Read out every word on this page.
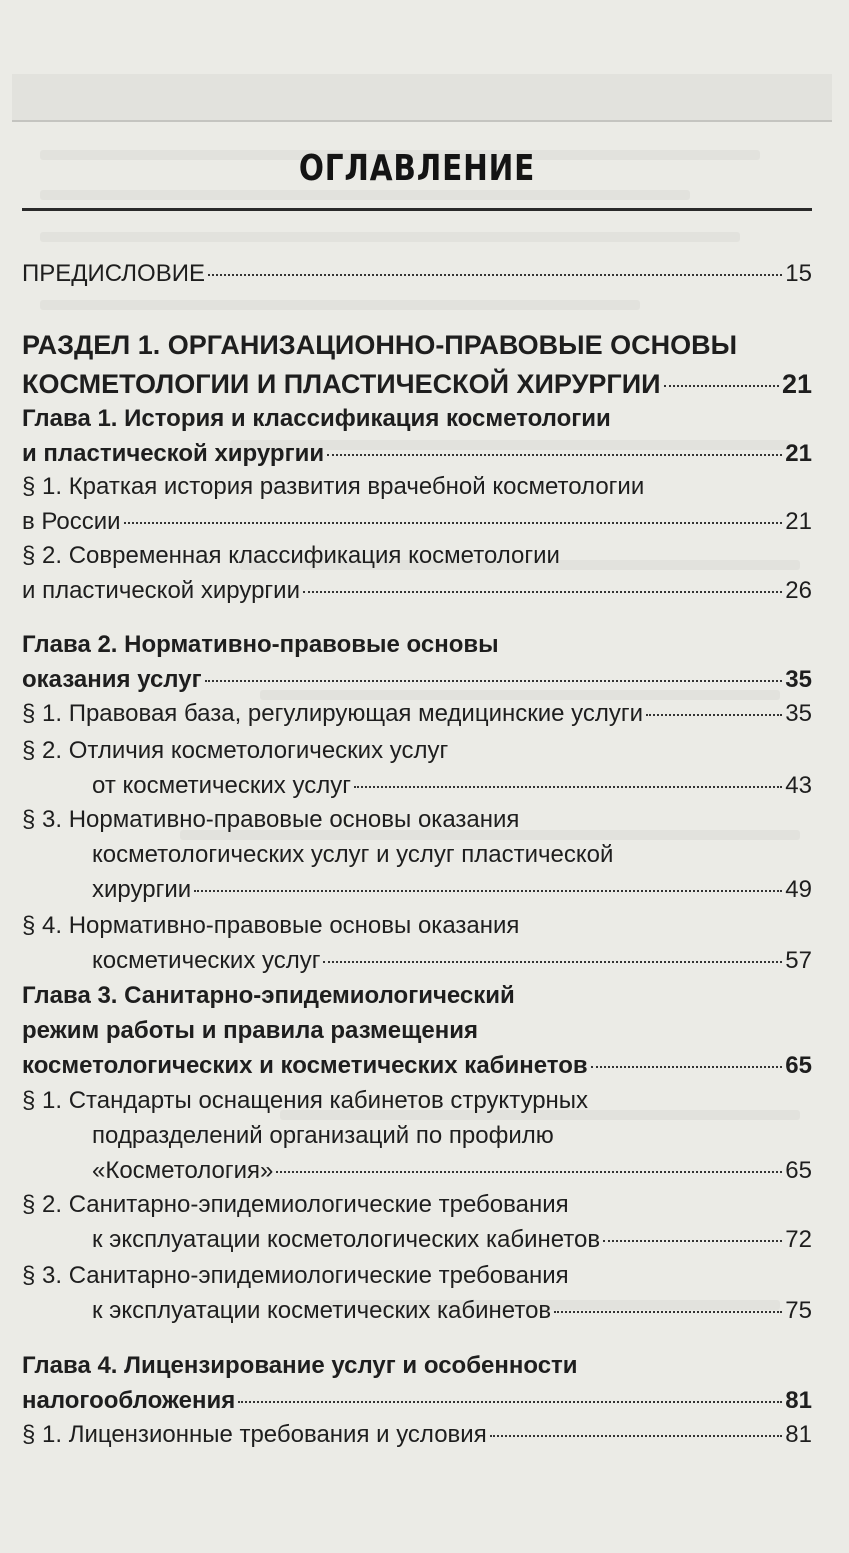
ОГЛАВЛЕНИЕ
ПРЕДИСЛОВИЕ	15
РАЗДЕЛ 1. ОРГАНИЗАЦИОННО-ПРАВОВЫЕ ОСНОВЫ
КОСМЕТОЛОГИИ И ПЛАСТИЧЕСКОЙ ХИРУРГИИ	21
Глава 1. История и классификация косметологии
и пластической хирургии	21
§ 1. Краткая история развития врачебной косметологии
в России	21
§ 2. Современная классификация косметологии
и пластической хирургии	26
Глава 2. Нормативно-правовые основы
оказания услуг	35
§ 1. Правовая база, регулирующая медицинские услуги	35
§ 2. Отличия косметологических услуг
от косметических услуг	43
§ 3. Нормативно-правовые основы оказания
косметологических услуг и услуг пластической
хирургии	49
§ 4. Нормативно-правовые основы оказания
косметических услуг	57
Глава 3. Санитарно-эпидемиологический
режим работы и правила размещения
косметологических и косметических кабинетов	65
§ 1. Стандарты оснащения кабинетов структурных
подразделений организаций по профилю
«Косметология»	65
§ 2. Санитарно-эпидемиологические требования
к эксплуатации косметологических кабинетов	72
§ 3. Санитарно-эпидемиологические требования
к эксплуатации косметических кабинетов	75
Глава 4. Лицензирование услуг и особенности
налогообложения	81
§ 1. Лицензионные требования и условия	81
